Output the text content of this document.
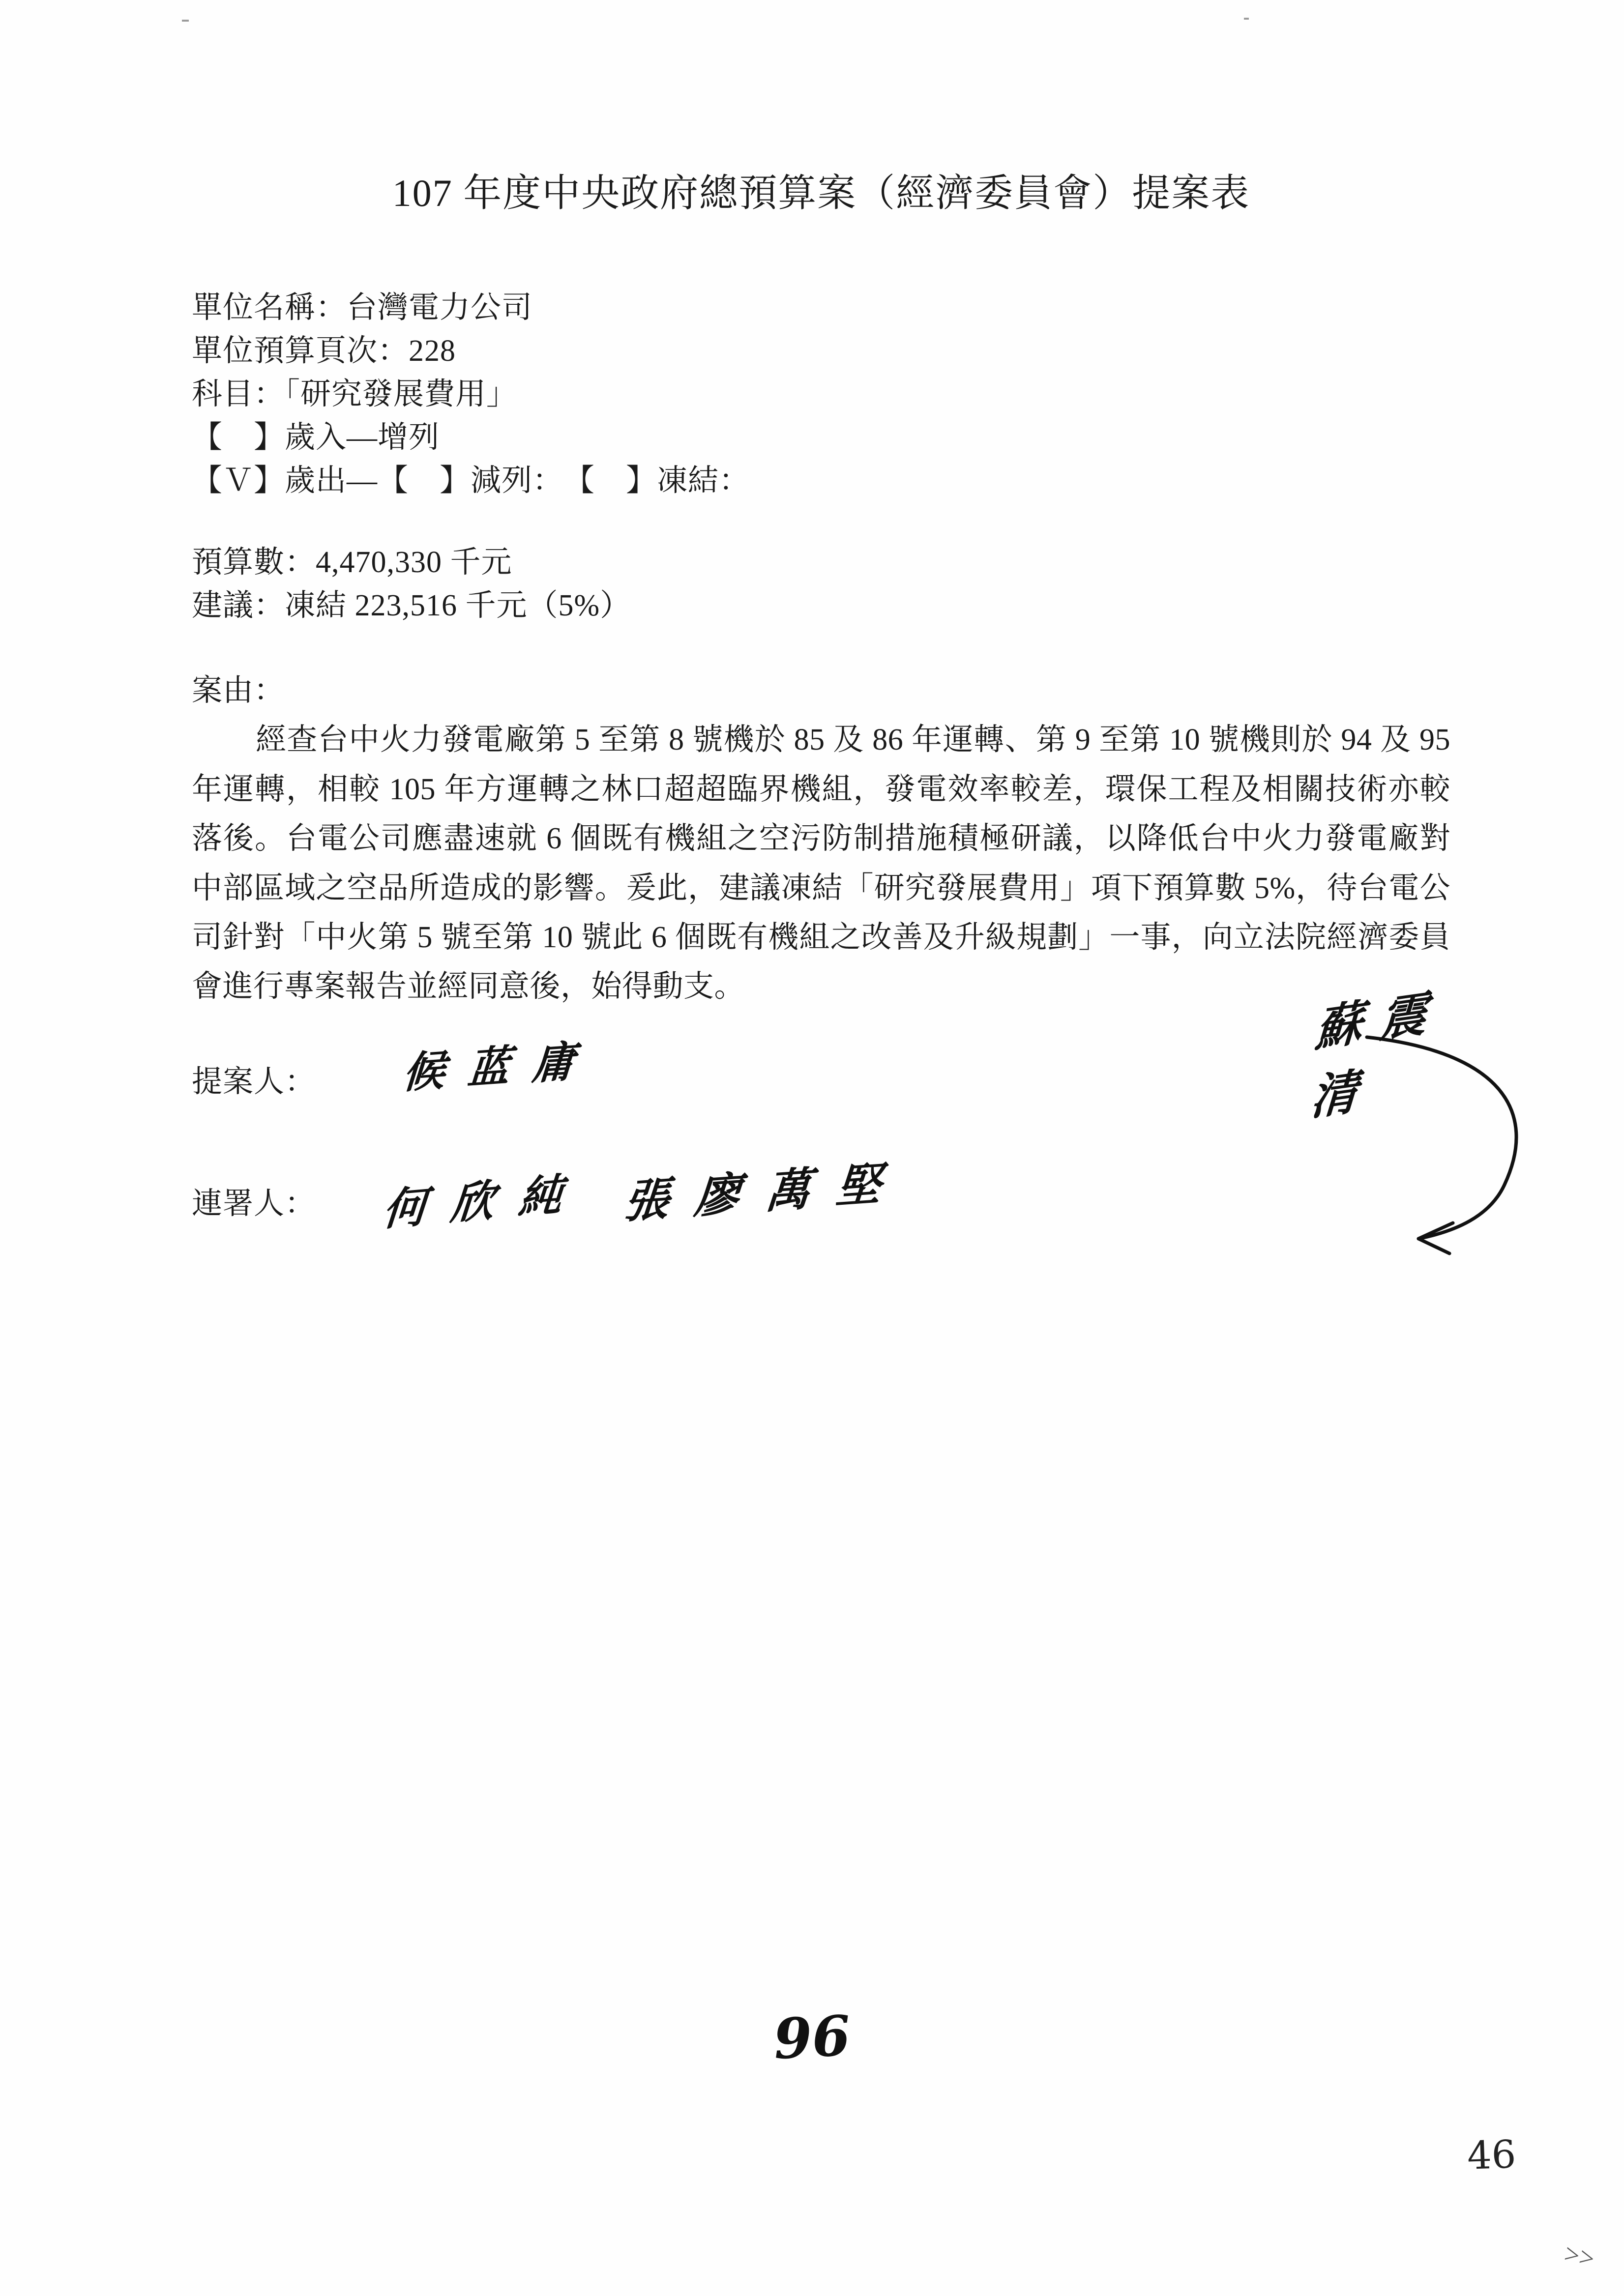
107 年度中央政府總預算案（經濟委員會）提案表
單位名稱：台灣電力公司
單位預算頁次：228
科目：「研究發展費用」
【　】歲入—增列
【Ｖ】歲出—【　】減列：　【　】凍結：
預算數：4,470,330 千元
建議：凍結 223,516 千元（5%）
案由：

經查台中火力發電廠第 5 至第 8 號機於 85 及 86 年運轉、第 9 至第 10 號機則於 94 及 95 年運轉，相較 105 年方運轉之林口超超臨界機組，發電效率較差，環保工程及相關技術亦較落後。台電公司應盡速就 6 個既有機組之空污防制措施積極研議，以降低台中火力發電廠對中部區域之空品所造成的影響。爰此，建議凍結「研究發展費用」項下預算數 5%，待台電公司針對「中火第 5 號至第 10 號此 6 個既有機組之改善及升級規劃」一事，向立法院經濟委員會進行專案報告並經同意後，始得動支。

提案人： 候 蓝 庸
蘇 震 清
連署人： 何 欣 純 張 廖 萬 堅
96
46
>>
